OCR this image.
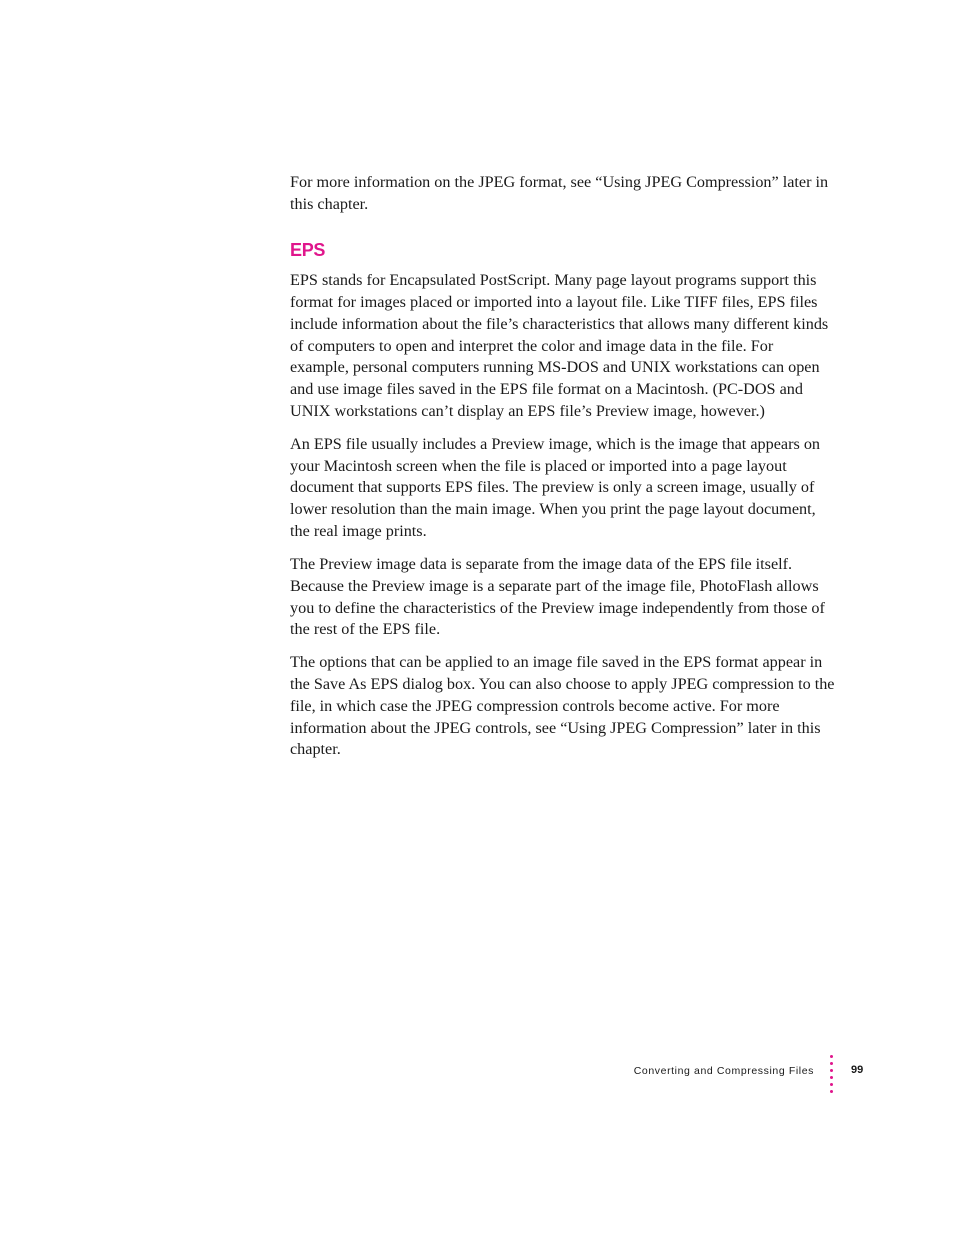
For more information on the JPEG format, see “Using JPEG Compression” later in this chapter.

EPS

EPS stands for Encapsulated PostScript. Many page layout programs support this format for images placed or imported into a layout file. Like TIFF files, EPS files include information about the file’s characteristics that allows many different kinds of computers to open and interpret the color and image data in the file. For example, personal computers running MS-DOS and UNIX workstations can open and use image files saved in the EPS file format on a Macintosh. (PC-DOS and UNIX workstations can’t display an EPS file’s Preview image, however.)

An EPS file usually includes a Preview image, which is the image that appears on your Macintosh screen when the file is placed or imported into a page layout document that supports EPS files. The preview is only a screen image, usually of lower resolution than the main image. When you print the page layout document, the real image prints.

The Preview image data is separate from the image data of the EPS file itself. Because the Preview image is a separate part of the image file, PhotoFlash allows you to define the characteristics of the Preview image independently from those of the rest of the EPS file.

The options that can be applied to an image file saved in the EPS format appear in the Save As EPS dialog box. You can also choose to apply JPEG compression to the file, in which case the JPEG compression controls become active. For more information about the JPEG controls, see “Using JPEG Compression” later in this chapter.

Converting and Compressing Files	99
